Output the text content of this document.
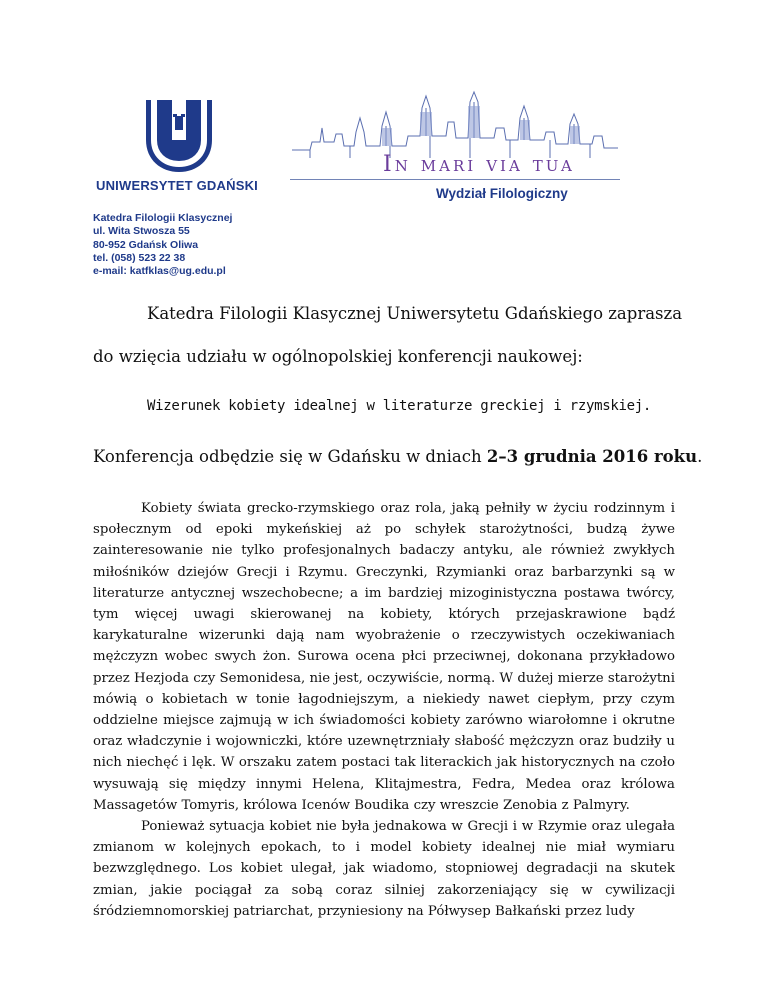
UNIWERSYTET GDAŃSKI
Katedra Filologii Klasycznej
ul. Wita Stwosza 55
80-952 Gdańsk Oliwa
tel. (058) 523 22 38
e-mail: katfklas@ug.edu.pl
In mari via tua
Wydział Filologiczny
Katedra Filologii Klasycznej Uniwersytetu Gdańskiego zaprasza
do wzięcia udziału w ogólnopolskiej konferencji naukowej:
Wizerunek kobiety idealnej w literaturze greckiej i rzymskiej.
Konferencja odbędzie się w Gdańsku w dniach 2–3 grudnia 2016 roku.

Kobiety świata grecko-rzymskiego oraz rola, jaką pełniły w życiu rodzinnym i społecznym od epoki mykeńskiej aż po schyłek starożytności, budzą żywe zainteresowanie nie tylko profesjonalnych badaczy antyku, ale również zwykłych miłośników dziejów Grecji i Rzymu. Greczynki, Rzymianki oraz barbarzynki są w literaturze antycznej wszechobecne; a im bardziej mizoginistyczna postawa twórcy, tym więcej uwagi skierowanej na kobiety, których przejaskrawione bądź karykaturalne wizerunki dają nam wyobrażenie o rzeczywistych oczekiwaniach mężczyzn wobec swych żon. Surowa ocena płci przeciwnej, dokonana przykładowo przez Hezjoda czy Semonidesa, nie jest, oczywiście, normą. W dużej mierze starożytni mówią o kobietach w tonie łagodniejszym, a niekiedy nawet ciepłym, przy czym oddzielne miejsce zajmują w ich świadomości kobiety zarówno wiarołomne i okrutne oraz władczynie i wojowniczki, które uzewnętrzniały słabość mężczyzn oraz budziły u nich niechęć i lęk. W orszaku zatem postaci tak literackich jak historycznych na czoło wysuwają się między innymi Helena, Klitajmestra, Fedra, Medea oraz królowa Massagetów Tomyris, królowa Icenów Boudika czy wreszcie Zenobia z Palmyry.

Ponieważ sytuacja kobiet nie była jednakowa w Grecji i w Rzymie oraz ulegała zmianom w kolejnych epokach, to i model kobiety idealnej nie miał wymiaru bezwzględnego. Los kobiet ulegał, jak wiadomo, stopniowej degradacji na skutek zmian, jakie pociągał za sobą coraz silniej zakorzeniający się w cywilizacji śródziemnomorskiej patriarchat, przyniesiony na Półwysep Bałkański przez ludy
